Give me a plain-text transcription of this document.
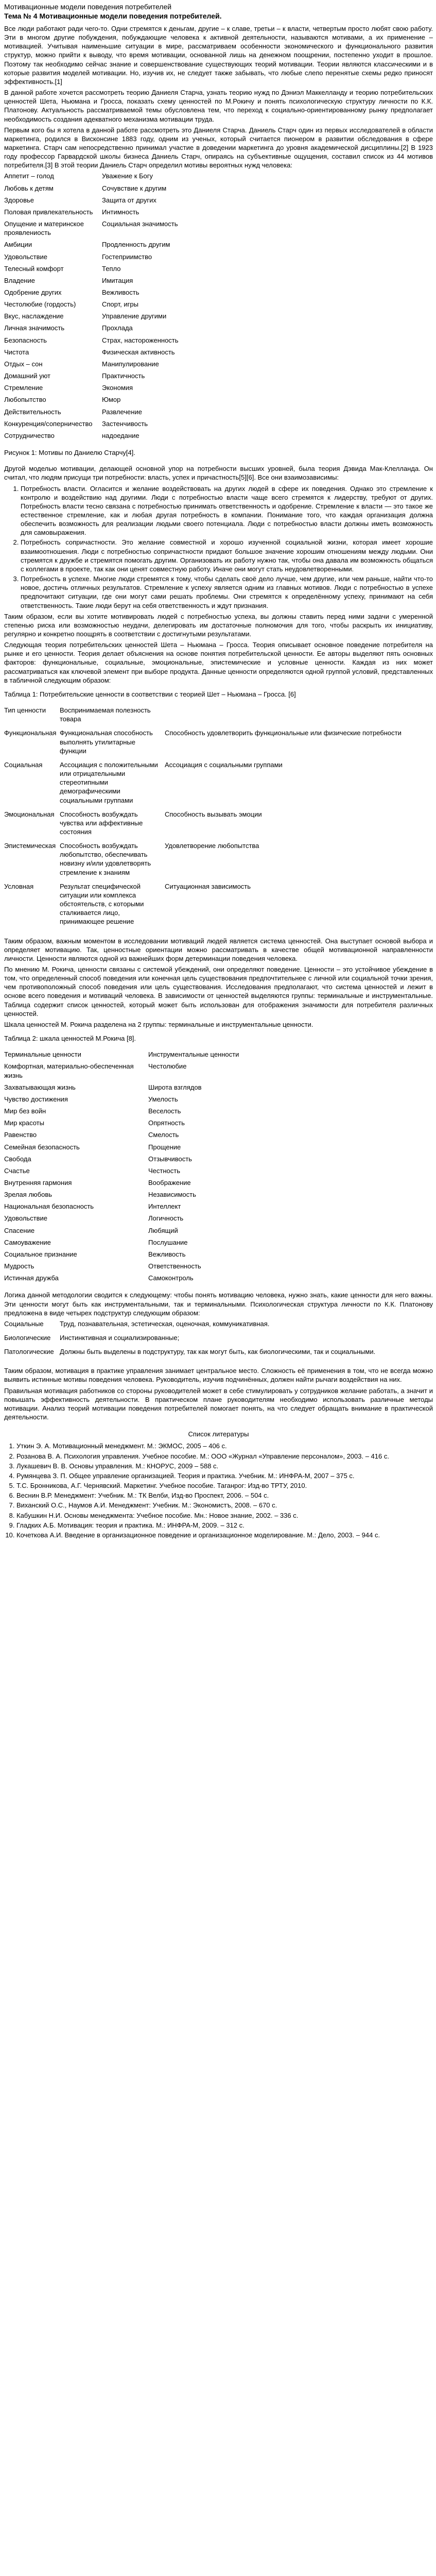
Мотивационные модели поведения потребителей
Тема № 4 Мотивационные модели поведения потребителей.

Все люди работают ради чего-то. Одни стремятся к деньгам, другие – к славе, третьи – к власти, четвертым просто любят свою работу. Эти в многом другие побуждения, побуждающие человека к активной деятельности, называются мотивами, а их применение – мотивацией. Учитывая наименьшие ситуации в мире, рассматриваем особенности экономического и функционального развития структур, можно прийти к выводу, что время мотивации, основанной лишь на денежном поощрении, постепенно уходит в прошлое. Поэтому так необходимо сейчас знание и совершенствование существующих теорий мотивации. Теории являются классическими и в которые развития моделей мотивации. Но, изучив их, не следует также забывать, что любые слепо перенятые схемы редко приносят эффективность.[1]

В данной работе хочется рассмотреть теорию Даниеля Старча, узнать теорию нужд по Дэниэл Маккелланду и теорию потребительских ценностей Шета, Ньюмана и Гросса, показать схему ценностей по М.Рокичу и понять психологическую структуру личности по К.К. Платонову. Актуальность рассматриваемой темы обусловлена тем, что переход к социально-ориентированному рынку предполагает необходимость создания адекватного механизма мотивации труда.

Первым кого бы я хотела в данной работе рассмотреть это Даниеля Старча. Даниель Старч один из первых исследователей в области маркетинга, родился в Висконсине 1883 году, одним из ученых, который считается пионером в развитии обследования в сфере маркетинга. Старч сам непосредственно принимал участие в доведении маркетинга до уровня академической дисциплины.[2] В 1923 году профессор Гарвардской школы бизнеса Даниель Старч, опираясь на субъективные ощущения, составил список из 44 мотивов потребителя.[3] В этой теории Даниель Старч определил мотивы вероятных нужд человека:

Аппетит – голод	Уважение к Богу
Любовь к детям	Сочувствие к другим
Здоровье	Защита от других
Половая привлекательность	Интимность
Опущение и материнское проявлениость	Социальная значимость
Амбиции	Продленность другим
Удовольствие	Гостеприимство
Телесный комфорт	Тепло
Владение	Имитация
Одобрение других	Вежливость
Честолюбие (гордость)	Спорт, игры
Вкус, наслаждение	Управление другими
Личная значимость	Прохлада
Безопасность	Страх, настороженность
Чистота	Физическая активность
Отдых – сон	Манипулирование
Домашний уют	Практичность
Стремление	Экономия
Любопытство	Юмор
Действительность	Развлечение
Конкуренция/соперничество	Застенчивость
Сотрудничество	надоедание
Рисунок 1: Мотивы по Даниелю Старчу[4].

Другой моделью мотивации, делающей основной упор на потребности высших уровней, была теория Дэвида Мак-Клелланда. Он считал, что людям присущи три потребности: власть, успех и причастность[5][6]. Все они взаимозависимы:

1. Потребность власти. Огласится и желание воздействовать на других людей в сфере их поведения. Однако это стремление к контролю и воздействию над другими. Люди с потребностью власти чаще всего стремятся к лидерству, требуют от других. Потребность власти тесно связана с потребностью принимать ответственность и одобрение. Стремление к власти — это такое же естественное стремление, как и любая другая потребность в компании. Понимание того, что каждая организация должна обеспечить возможность для реализации людьми своего потенциала. Люди с потребностью власти должны иметь возможность для самовыражения.
2. Потребность сопричастности. Это желание совместной и хорошо изученной социальной жизни, которая имеет хорошие взаимоотношения. Люди с потребностью сопричастности придают большое значение хорошим отношениям между людьми. Они стремятся к дружбе и стремятся помогать другим. Организовать их работу нужно так, чтобы она давала им возможность общаться с коллегами в проекте, так как они ценят совместную работу. Иначе они могут стать неудовлетворенными.
3. Потребность в успехе. Многие люди стремятся к тому, чтобы сделать своё дело лучше, чем другие, или чем раньше, найти что-то новое, достичь отличных результатов. Стремление к успеху является одним из главных мотивов. Люди с потребностью в успехе предпочитают ситуации, где они могут сами решать проблемы. Они стремятся к определённому успеху, принимают на себя ответственность. Такие люди берут на себя ответственность и ждут признания.

Таким образом, если вы хотите мотивировать людей с потребностью успеха, вы должны ставить перед ними задачи с умеренной степенью риска или возможностью неудачи, делегировать им достаточные полномочия для того, чтобы раскрыть их инициативу, регулярно и конкретно поощрять в соответствии с достигнутыми результатами.

Следующая теория потребительских ценностей Шета – Ньюмана – Гросса. Теория описывает основное поведение потребителя на рынке и его ценности. Теория делает объяснения на основе понятия потребительской ценности. Ее авторы выделяют пять основных факторов: функциональные, социальные, эмоциональные, эпистемические и условные ценности. Каждая из них может рассматриваться как ключевой элемент при выборе продукта. Данные ценности определяются одной группой условий, представленных в табличной следующим образом:

Таблица 1: Потребительские ценности в соответствии с теорией Шет – Ньюмана – Гросса. [6]
Тип ценности	Воспринимаемая полезность товара	
Функциональная	Функциональная способность выполнять утилитарные функции	Способность удовлетворить функциональные или физические потребности
Социальная	Ассоциация с положительными или отрицательными стереотипными демографическими социальными группами	Ассоциация с социальными группами
Эмоциональная	Способность возбуждать чувства или аффективные состояния	Способность вызывать эмоции
Эпистемическая	Способность возбуждать любопытство, обеспечивать новизну и/или удовлетворять стремление к знаниям	Удовлетворение любопытства
Условная	Результат специфической ситуации или комплекса обстоятельств, с которыми сталкивается лицо, принимающее решение	Ситуационная зависимость

Таким образом, важным моментом в исследовании мотиваций людей является система ценностей. Она выступает основой выбора и определяет мотивацию. Так, ценностные ориентации можно рассматривать в качестве общей мотивационной направленности личности. Ценности являются одной из важнейших форм детерминации поведения человека.

По мнению М. Рокича, ценности связаны с системой убеждений, они определяют поведение. Ценности – это устойчивое убеждение в том, что определенный способ поведения или конечная цель существования предпочтительнее с личной или социальной точки зрения, чем противоположный способ поведения или цель существования. Исследования предполагают, что система ценностей и лежит в основе всего поведения и мотиваций человека. В зависимости от ценностей выделяются группы: терминальные и инструментальные. Таблица содержит список ценностей, который может быть использован для отображения значимости для потребителя различных ценностей.

Шкала ценностей М. Рокича разделена на 2 группы: терминальные и инструментальные ценности.

Таблица 2: шкала ценностей М.Рокича [8].
Терминальные ценности	Инструментальные ценности
Комфортная, материально-обеспеченная жизнь	Честолюбие
Захватывающая жизнь	Широта взглядов
Чувство достижения	Умелость
Мир без войн	Веселость
Мир красоты	Опрятность
Равенство	Смелость
Семейная безопасность	Прощение
Свобода	Отзывчивость
Счастье	Честность
Внутренняя гармония	Воображение
Зрелая любовь	Независимость
Национальная безопасность	Интеллект
Удовольствие	Логичность
Спасение	Любящий
Самоуважение	Послушание
Социальное признание	Вежливость
Мудрость	Ответственность
Истинная дружба	Самоконтроль

Логика данной методологии сводится к следующему: чтобы понять мотивацию человека, нужно знать, какие ценности для него важны. Эти ценности могут быть как инструментальными, так и терминальными. Психологическая структура личности по К.К. Платонову предложена в виде четырех подструктур следующим образом:

Социальные	Труд, познавательная, эстетическая, оценочная, коммуникативная.
Биологические	Инстинктивная и социализированные;
Патологические	Должны быть выделены в подструктуру, так как могут быть, как биологическими, так и социальными.

Таким образом, мотивация в практике управления занимает центральное место. Сложность её применения в том, что не всегда можно выявить истинные мотивы поведения человека. Руководитель, изучив подчинённых, должен найти рычаги воздействия на них.

Правильная мотивация работников со стороны руководителей может в себе стимулировать у сотрудников желание работать, а значит и повышать эффективность деятельности. В практическом плане руководителям необходимо использовать различные методы мотивации. Анализ теорий мотивации поведения потребителей помогает понять, на что следует обращать внимание в практической деятельности.

Список литературы
1. Уткин Э. А. Мотивационный менеджмент. М.: ЭКМОС, 2005 – 406 с.
2. Розанова В. А. Психология управления. Учебное пособие. М.: ООО «Журнал «Управление персоналом», 2003. – 416 с.
3. Лукашевич В. В. Основы управления. М.: КНОРУС, 2009 – 588 с.
4. Румянцева З. П. Общее управление организацией. Теория и практика. Учебник. М.: ИНФРА-М, 2007 – 375 с.
5. Т.С. Бронникова, А.Г. Чернявский. Маркетинг. Учебное пособие. Таганрог: Изд-во ТРТУ, 2010.
6. Веснин В.Р. Менеджмент: Учебник. М.: ТК Велби, Изд-во Проспект, 2006. – 504 с.
7. Виханский О.С., Наумов А.И. Менеджмент: Учебник. М.: Экономистъ, 2008. – 670 с.
8. Кабушкин Н.И. Основы менеджмента: Учебное пособие. Мн.: Новое знание, 2002. – 336 с.
9. Гладких А.Б. Мотивация: теория и практика. М.: ИНФРА-М, 2009. – 312 с.
10. Кочеткова А.И. Введение в организационное поведение и организационное моделирование. М.: Дело, 2003. – 944 с.
